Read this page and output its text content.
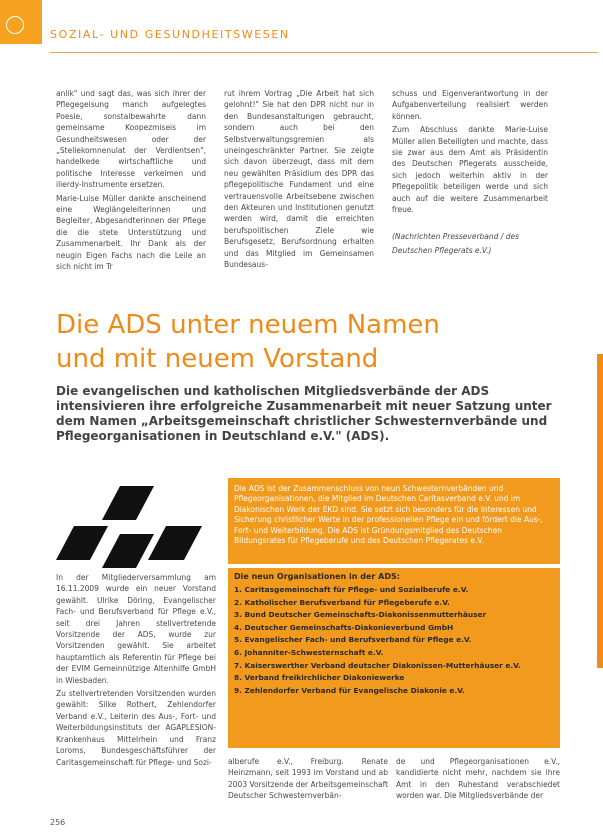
SOZIAL- UND GESUNDHEITSWESEN

anlik" und sagt das, was sich ihrer der Pflegegeisung manch aufgelegtes Poesie, sonstalbewahrte dann gemeinsame Koopezmiseis im Gesundheitswesen oder der „Stellekomnenulat der Verdientsen", handelkede wirtschaftliche und politische Interesse verkeimen und ilierdy-Instrumente ersetzen.

Marie-Luise Müller dankte anscheinend eine Weglängeleiterinnen und Begleiter, Abgesandterinnen der Pflege die die stete Unterstützung und Zusammenarbeit. Ihr Dank als der neugin Eigen Fachs nach die Leile an sich nicht im Tr

rut ihrem Vortrag „Die Arbeit hat sich gelohnt!" Sie hat den DPR nicht nur in den Bundesanstaltungen gebraucht, sondern auch bei den Selbstverwaltungsgremien als uneingeschränkter Partner. Sie zeigte sich davon überzeugt, dass mit dem neu gewählten Präsidium des DPR das pflegepolitische Fundament und eine vertrauensvolle Arbeitsebene zwischen den Akteuren und Institutionen genutzt werden wird, damit die erreichten berufspolitischen Ziele wie Berufsgesetz, Berufsordnung erhalten und das Mitglied im Gemeinsamen Bundesaus-

schuss und Eigenverantwortung in der Aufgabenverteilung realisiert werden können.

Zum Abschluss dankte Marie-Luise Müller allen Beteiligten und machte, dass sie zwar aus dem Amt als Präsidentin des Deutschen Pflegerats ausscheide, sich jedoch weiterhin aktiv in der Pflegepolitik beteiligen werde und sich auch auf die weitere Zusammenarbeit freue.

(Nachrichten Presseverband / des

Deutschen Pflegerats e.V.)

Die ADS unter neuem Namen
und mit neuem Vorstand

Die evangelischen und katholischen Mitgliedsverbände der ADS intensivieren ihre erfolgreiche Zusammenarbeit mit neuer Satzung unter dem Namen „Arbeitsgemeinschaft christlicher Schwesternverbände und Pflegeorganisationen in Deutschland e.V." (ADS).

Die ADS ist der Zusammenschluss von neun Schwesternverbänden und Pflegeorganisationen, die Mitglied im Deutschen Caritasverband e.V. und im Diakonischen Werk der EKD sind. Sie setzt sich besonders für die Interessen und Sicherung christlicher Werte in der professionellen Pflege ein und fördert die Aus-, Fort- und Weiterbildung. Die ADS ist Gründungsmitglied des Deutschen Bildungsrates für Pflegeberufe und des Deutschen Pflegerates e.V.

Die neun Organisationen in der ADS:
1. Caritasgemeinschaft für Pflege- und Sozialberufe e.V.
2. Katholischer Berufsverband für Pflegeberufe e.V.
3. Bund Deutscher Gemeinschafts-Diakonissenmutterhäuser
4. Deutscher Gemeinschafts-Diakonieverbund GmbH
5. Evangelischer Fach- und Berufsverband für Pflege e.V.
6. Johanniter-Schwesternschaft e.V.
7. Kaiserswerther Verband deutscher Diakonissen-Mutterhäuser e.V.
8. Verband freikirchlicher Diakoniewerke
9. Zehlendorfer Verband für Evangelische Diakonie e.V.

In der Mitgliederversammlung am 16.11.2009 wurde ein neuer Vorstand gewählt. Ulrike Döring, Evangelischer Fach- und Berufsverband für Pflege e.V., seit drei Jahren stellvertretende Vorsitzende der ADS, wurde zur Vorsitzenden gewählt. Sie arbeitet hauptamtlich als Referentin für Pflege bei der EVIM Gemeinnützige Altenhilfe GmbH in Wiesbaden.

Zu stellvertretenden Vorsitzenden wurden gewählt: Silke Rothert, Zehlendorfer Verband e.V., Leiterin des Aus-, Fort- und Weiterbildungsinstituts der AGAPLESION-Krankenhaus Mittelrhein und Franz Loroms, Bundesgeschäftsführer der Caritasgemeinschaft für Pflege- und Sozi-	alberufe e.V., Freiburg. Renate Heinzmann, seit 1993 im Vorstand und ab 2003 Vorsitzende der Arbeitsgemeinschaft Deutscher Schwesternverbän-

de und Pflegeorganisationen e.V., kandidierte nicht mehr, nachdem sie ihre Amt in den Ruhestand verabschiedet worden war. Die Mitgliedsverbände der

256
